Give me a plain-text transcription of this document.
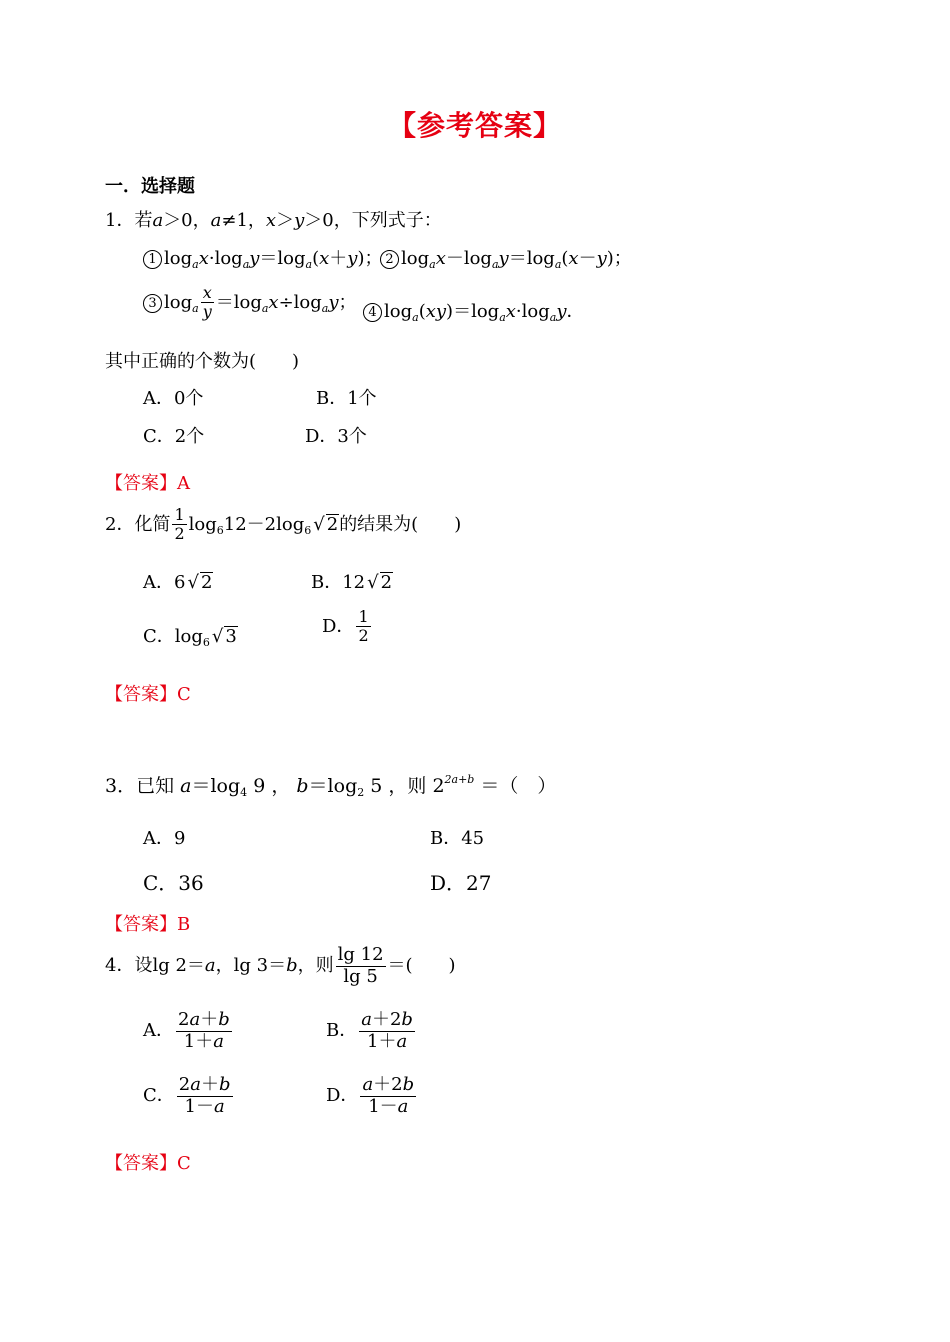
【参考答案】
一．选择题
1．若a＞0，a≠1，x＞y＞0，下列式子：
1 $\log_ax\cdot\log_ay=\log_a(x+y)$； 2 $\log_ax-\log_ay=\log_a(x-y)$；
3 $\log_a \frac{x}{y} =\log_ax\div\log_ay$； 4 $\log_a(xy)=\log_ax\cdot\log_ay$．
其中正确的个数为(　　)
A．0个	B．1个
C．2个	D．3个
【答案】A
2．化简 $\frac{1}{2} \log_612-2\log_6$ √ 2的结果为(　　)
A．6 √ 2	B．12 √ 2
C．$\log_6$ √ 3	D． $\frac{1}{2}$
【答案】C
3．已知 $a=\log_4$ 9 ， $b=\log_2$ 5 ，则 $2^{2a+b}$ ＝（　）
A．9	B．45
C．36	D．27
【答案】B
4．设lg 2＝a，lg 3＝b，则 $\frac{\lg 12}{\lg 5}$ ＝(　　)
A． $\frac{2a+b}{1+a}$	B． $\frac{a+2b}{1+a}$
C． $\frac{2a+b}{1-a}$	D． $\frac{a+2b}{1-a}$
【答案】C
